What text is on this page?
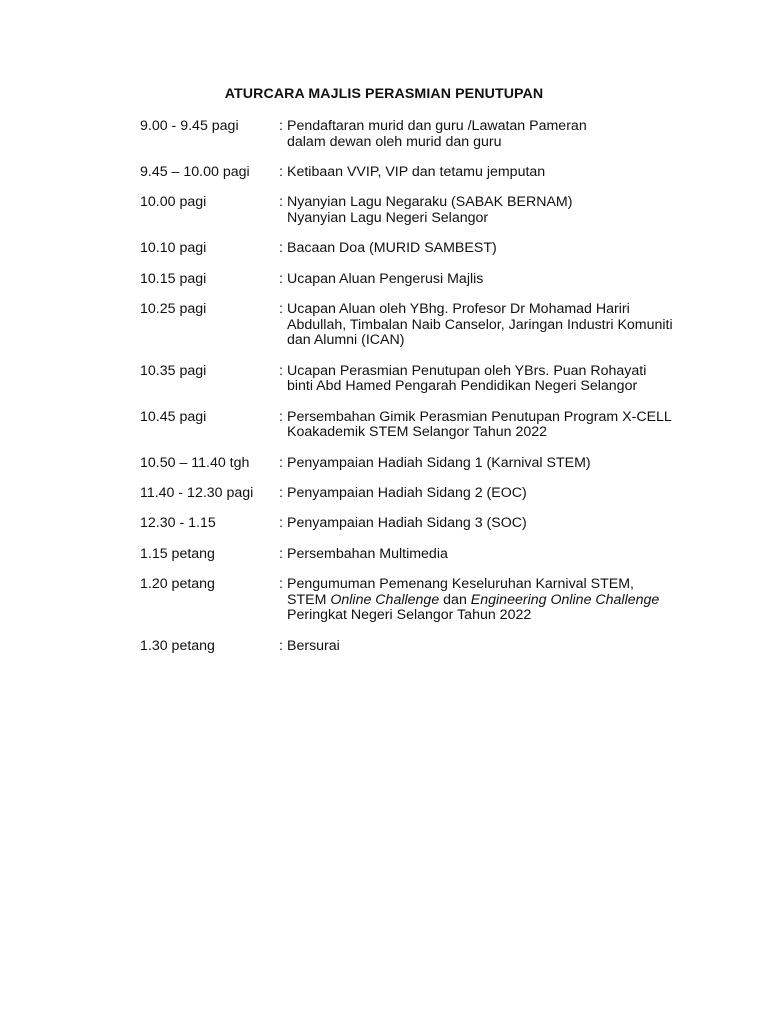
ATURCARA MAJLIS PERASMIAN PENUTUPAN
9.00 - 9.45 pagi	: Pendaftaran murid dan guru /Lawatan Pameran
dalam dewan oleh murid dan guru
9.45 – 10.00 pagi	: Ketibaan VVIP, VIP dan tetamu jemputan
10.00 pagi	: Nyanyian Lagu Negaraku (SABAK BERNAM)
Nyanyian Lagu Negeri Selangor
10.10 pagi	: Bacaan Doa (MURID SAMBEST)
10.15 pagi	: Ucapan Aluan Pengerusi Majlis
10.25 pagi	: Ucapan Aluan oleh YBhg. Profesor Dr Mohamad Hariri
Abdullah, Timbalan Naib Canselor, Jaringan Industri Komuniti
dan Alumni (ICAN)
10.35 pagi	: Ucapan Perasmian Penutupan oleh YBrs. Puan Rohayati
binti Abd Hamed Pengarah Pendidikan Negeri Selangor
10.45 pagi	: Persembahan Gimik Perasmian Penutupan Program X-CELL
Koakademik STEM Selangor Tahun 2022
10.50 – 11.40 tgh	: Penyampaian Hadiah Sidang 1 (Karnival STEM)
11.40 - 12.30 pagi	: Penyampaian Hadiah Sidang 2 (EOC)
12.30 - 1.15	: Penyampaian Hadiah Sidang 3 (SOC)
1.15 petang	: Persembahan Multimedia
1.20 petang	: Pengumuman Pemenang Keseluruhan Karnival STEM,
STEM Online Challenge dan Engineering Online Challenge
Peringkat Negeri Selangor Tahun 2022
1.30 petang	: Bersurai
